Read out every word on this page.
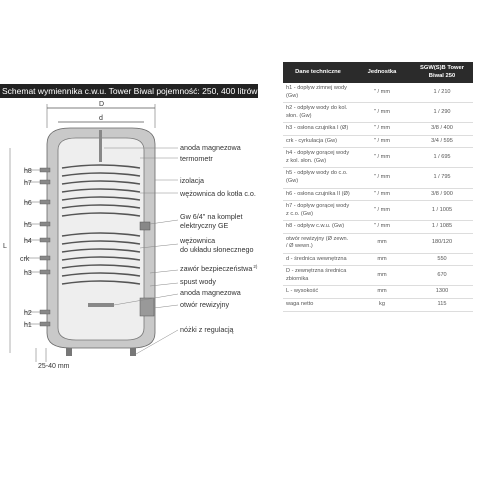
Schemat wymiennika c.w.u. Tower Biwal pojemność: 250, 400 litrów
D
d
L
h8
h7
h6
h5
h4
crk
h3
h2
h1
25-40 mm
anoda magnezowa
termometr
izolacja
wężownica do kotła c.o.
Gw 6/4" na komplet
elektryczny GE
wężownica
do układu słonecznego
zawór bezpieczeństwa$^{2)}$
spust wody
anoda magnezowa
otwór rewizyjny
nóżki z regulacją
Dane techniczne	Jednostka	SGW(S)B Tower Biwal 250
h1 - dopływ zimnej wody (Gw)	" / mm	1 / 210
h2 - odpływ wody do kol. słon. (Gw)	" / mm	1 / 290
h3 - osłona czujnika I (Ø)	" / mm	3/8 / 400
crk - cyrkulacja (Gw)	" / mm	3/4 / 595
h4 - dopływ gorącej wody z kol. słon. (Gw)	" / mm	1 / 695
h5 - odpływ wody do c.o. (Gw)	" / mm	1 / 795
h6 - osłona czujnika II (Ø)	" / mm	3/8 / 900
h7 - dopływ gorącej wody z c.o. (Gw)	" / mm	1 / 1005
h8 - odpływ c.w.u. (Gw)	" / mm	1 / 1085
otwór rewizyjny (Ø zewn. / Ø wewn.)	mm	180/120
d - średnica wewnętrzna	mm	550
D - zewnętrzna średnica zbiornika	mm	670
L - wysokość	mm	1300
waga netto	kg	115
